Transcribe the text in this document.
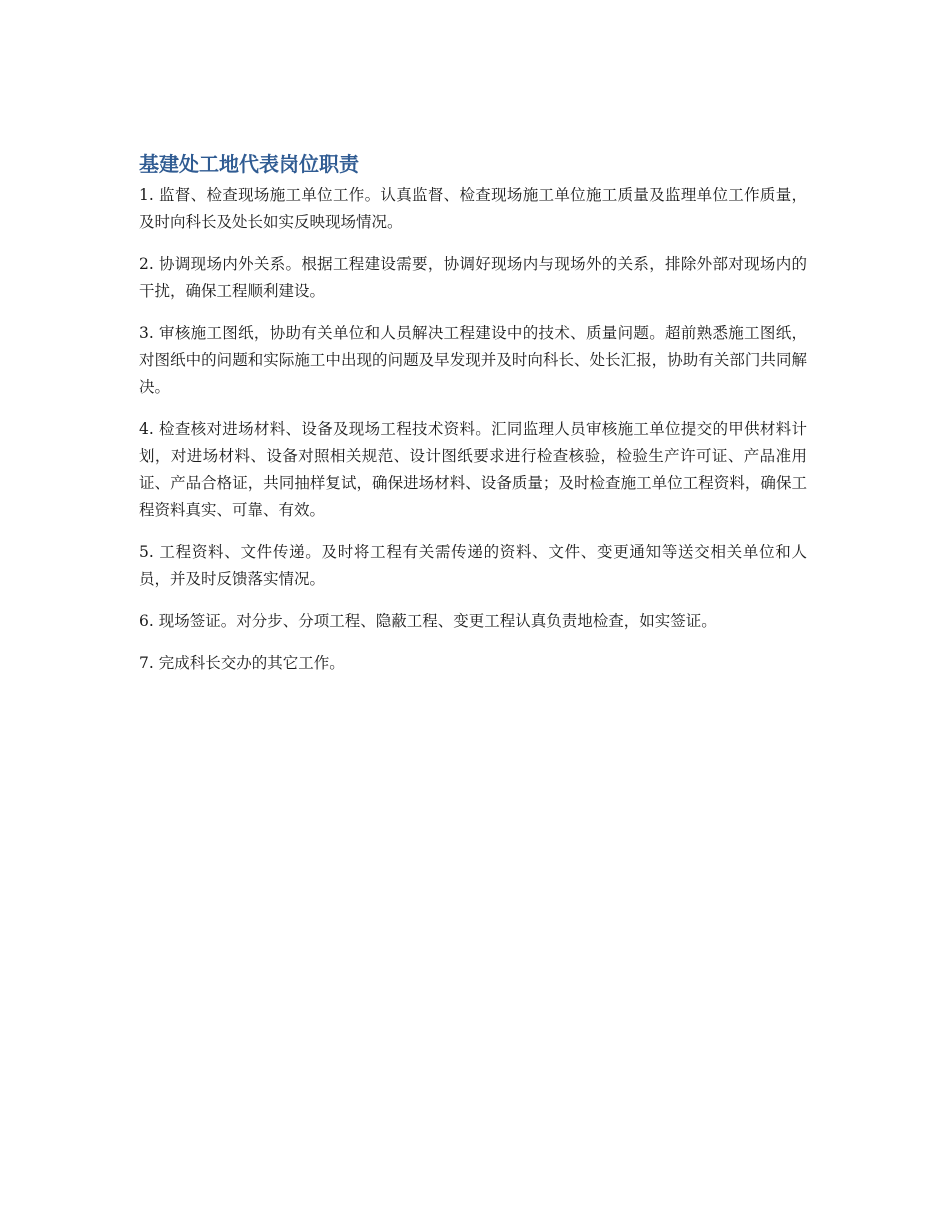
基建处工地代表岗位职责

1. 监督、检查现场施工单位工作。认真监督、检查现场施工单位施工质量及监理单位工作质量，及时向科长及处长如实反映现场情况。

2. 协调现场内外关系。根据工程建设需要，协调好现场内与现场外的关系，排除外部对现场内的干扰，确保工程顺利建设。

3. 审核施工图纸，协助有关单位和人员解决工程建设中的技术、质量问题。超前熟悉施工图纸，对图纸中的问题和实际施工中出现的问题及早发现并及时向科长、处长汇报，协助有关部门共同解决。

4. 检查核对进场材料、设备及现场工程技术资料。汇同监理人员审核施工单位提交的甲供材料计划，对进场材料、设备对照相关规范、设计图纸要求进行检查核验，检验生产许可证、产品准用证、产品合格证，共同抽样复试，确保进场材料、设备质量；及时检查施工单位工程资料，确保工程资料真实、可靠、有效。

5. 工程资料、文件传递。及时将工程有关需传递的资料、文件、变更通知等送交相关单位和人员，并及时反馈落实情况。

6. 现场签证。对分步、分项工程、隐蔽工程、变更工程认真负责地检查，如实签证。

7. 完成科长交办的其它工作。
